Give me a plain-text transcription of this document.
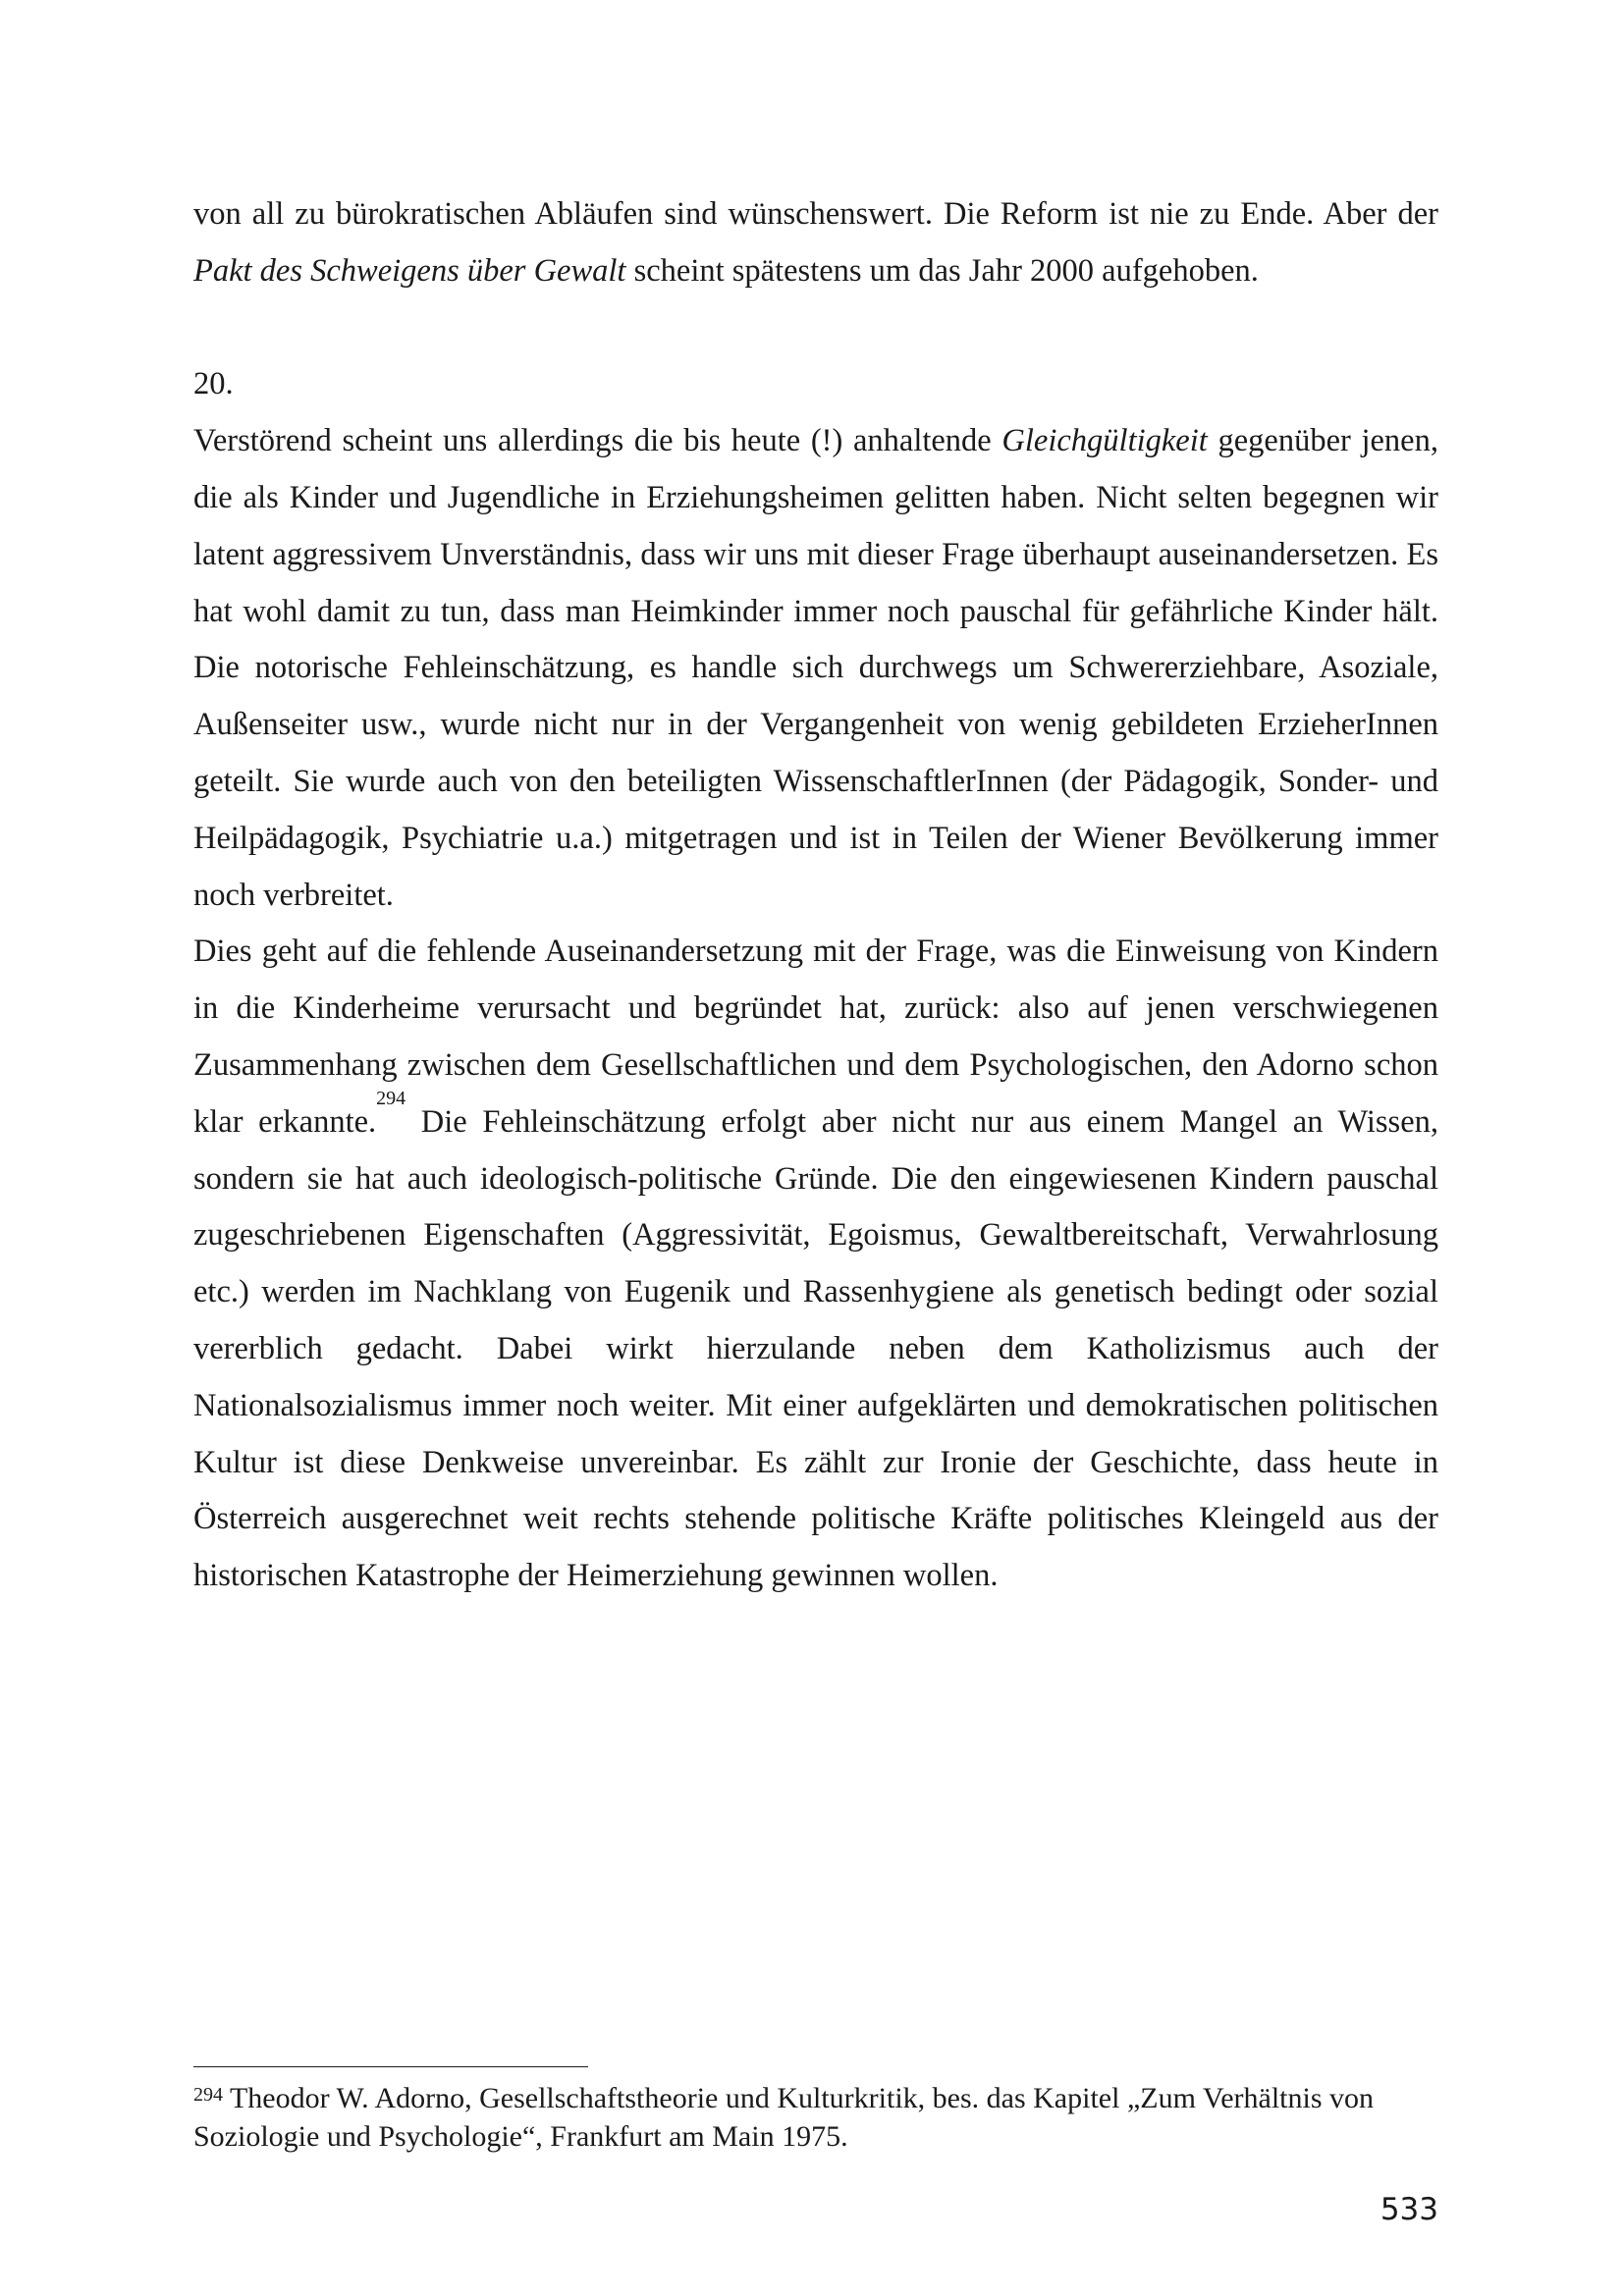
von all zu bürokratischen Abläufen sind wünschenswert. Die Reform ist nie zu Ende. Aber der Pakt des Schweigens über Gewalt scheint spätestens um das Jahr 2000 aufgehoben.

20.

Verstörend scheint uns allerdings die bis heute (!) anhaltende Gleichgültigkeit gegenüber jenen, die als Kinder und Jugendliche in Erziehungsheimen gelitten haben. Nicht selten begegnen wir latent aggressivem Unverständnis, dass wir uns mit dieser Frage überhaupt auseinandersetzen. Es hat wohl damit zu tun, dass man Heimkinder immer noch pauschal für gefährliche Kinder hält. Die notorische Fehleinschätzung, es handle sich durchwegs um Schwererziehbare, Asoziale, Außenseiter usw., wurde nicht nur in der Vergangenheit von wenig gebildeten ErzieherInnen geteilt. Sie wurde auch von den beteiligten WissenschaftlerInnen (der Pädagogik, Sonder- und Heilpädagogik, Psychiatrie u.a.) mitgetragen und ist in Teilen der Wiener Bevölkerung immer noch verbreitet.

Dies geht auf die fehlende Auseinandersetzung mit der Frage, was die Einweisung von Kindern in die Kinderheime verursacht und begründet hat, zurück: also auf jenen verschwiegenen Zusammenhang zwischen dem Gesellschaftlichen und dem Psychologischen, den Adorno schon klar erkannte.$^{294}$ Die Fehleinschätzung erfolgt aber nicht nur aus einem Mangel an Wissen, sondern sie hat auch ideologisch-politische Gründe. Die den eingewiesenen Kindern pauschal zugeschriebenen Eigenschaften (Aggressivität, Egoismus, Gewaltbereitschaft, Verwahrlosung etc.) werden im Nachklang von Eugenik und Rassenhygiene als genetisch bedingt oder sozial vererblich gedacht. Dabei wirkt hierzulande neben dem Katholizismus auch der Nationalsozialismus immer noch weiter. Mit einer aufgeklärten und demokratischen politischen Kultur ist diese Denkweise unvereinbar. Es zählt zur Ironie der Geschichte, dass heute in Österreich ausgerechnet weit rechts stehende politische Kräfte politisches Kleingeld aus der historischen Katastrophe der Heimerziehung gewinnen wollen.

$^{294}$ Theodor W. Adorno, Gesellschaftstheorie und Kulturkritik, bes. das Kapitel „Zum Verhältnis von Soziologie und Psychologie“, Frankfurt am Main 1975.

533
